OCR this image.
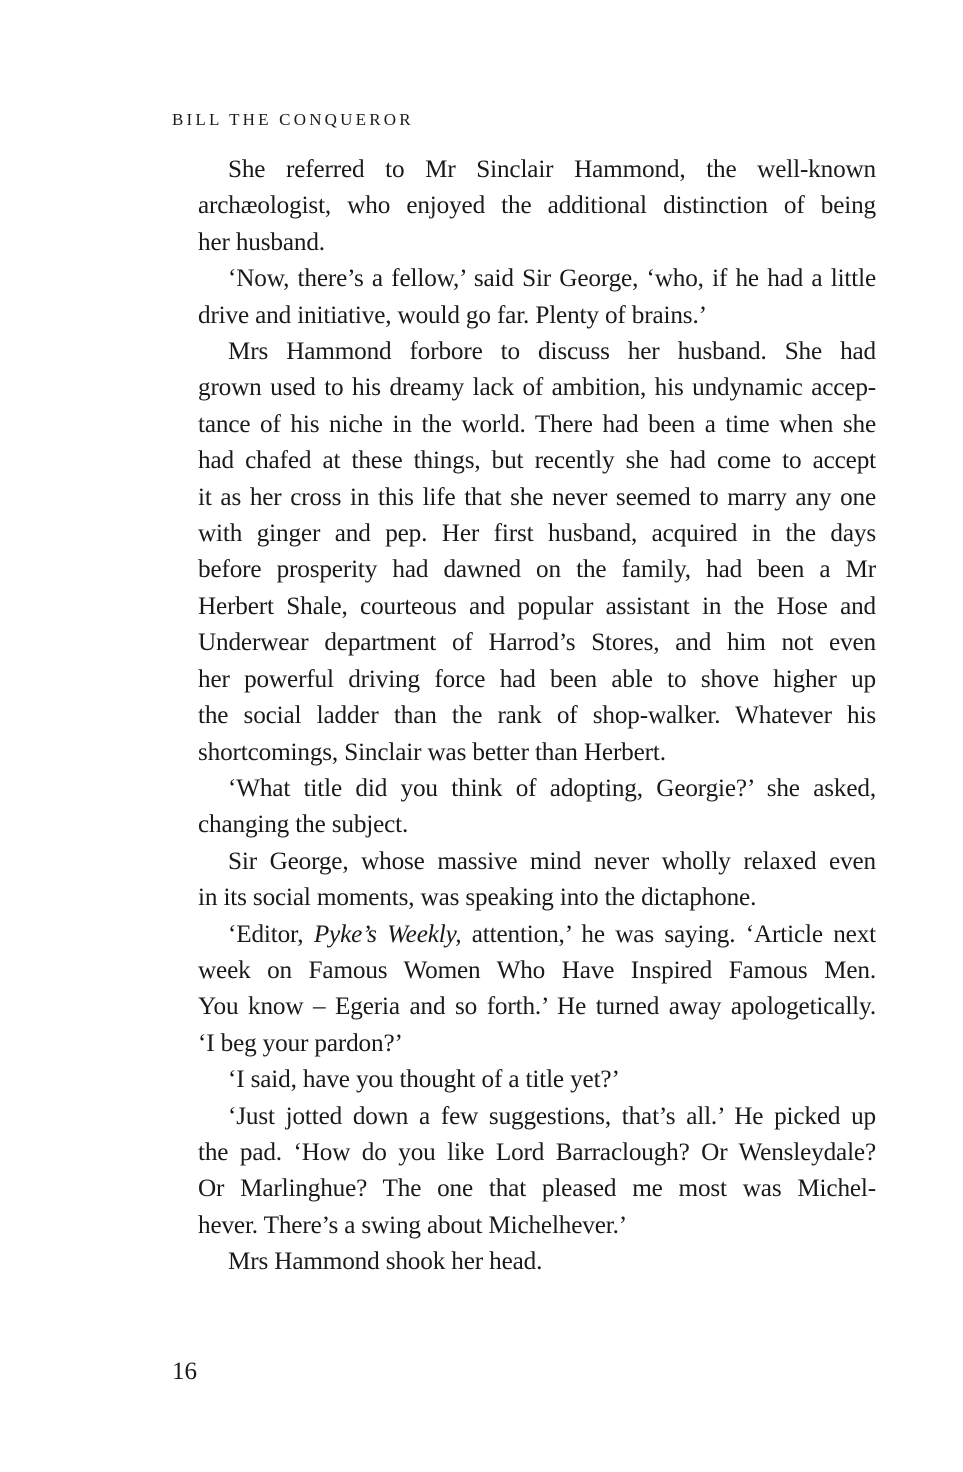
BILL THE CONQUEROR

She referred to Mr Sinclair Hammond, the well-known
archæologist, who enjoyed the additional distinction of being
her husband.

‘Now, there’s a fellow,’ said Sir George, ‘who, if he had a little
drive and initiative, would go far. Plenty of brains.’

Mrs Hammond forbore to discuss her husband. She had
grown used to his dreamy lack of ambition, his undynamic accep-
tance of his niche in the world. There had been a time when she
had chafed at these things, but recently she had come to accept
it as her cross in this life that she never seemed to marry any one
with ginger and pep. Her first husband, acquired in the days
before prosperity had dawned on the family, had been a Mr
Herbert Shale, courteous and popular assistant in the Hose and
Underwear department of Harrod’s Stores, and him not even
her powerful driving force had been able to shove higher up
the social ladder than the rank of shop-walker. Whatever his
shortcomings, Sinclair was better than Herbert.

‘What title did you think of adopting, Georgie?’ she asked,
changing the subject.

Sir George, whose massive mind never wholly relaxed even
in its social moments, was speaking into the dictaphone.

‘Editor, Pyke’s Weekly, attention,’ he was saying. ‘Article next
week on Famous Women Who Have Inspired Famous Men.
You know – Egeria and so forth.’ He turned away apologetically.
‘I beg your pardon?’

‘I said, have you thought of a title yet?’

‘Just jotted down a few suggestions, that’s all.’ He picked up
the pad. ‘How do you like Lord Barraclough? Or Wensleydale?
Or Marlinghue? The one that pleased me most was Michel-
hever. There’s a swing about Michelhever.’

Mrs Hammond shook her head.

16
